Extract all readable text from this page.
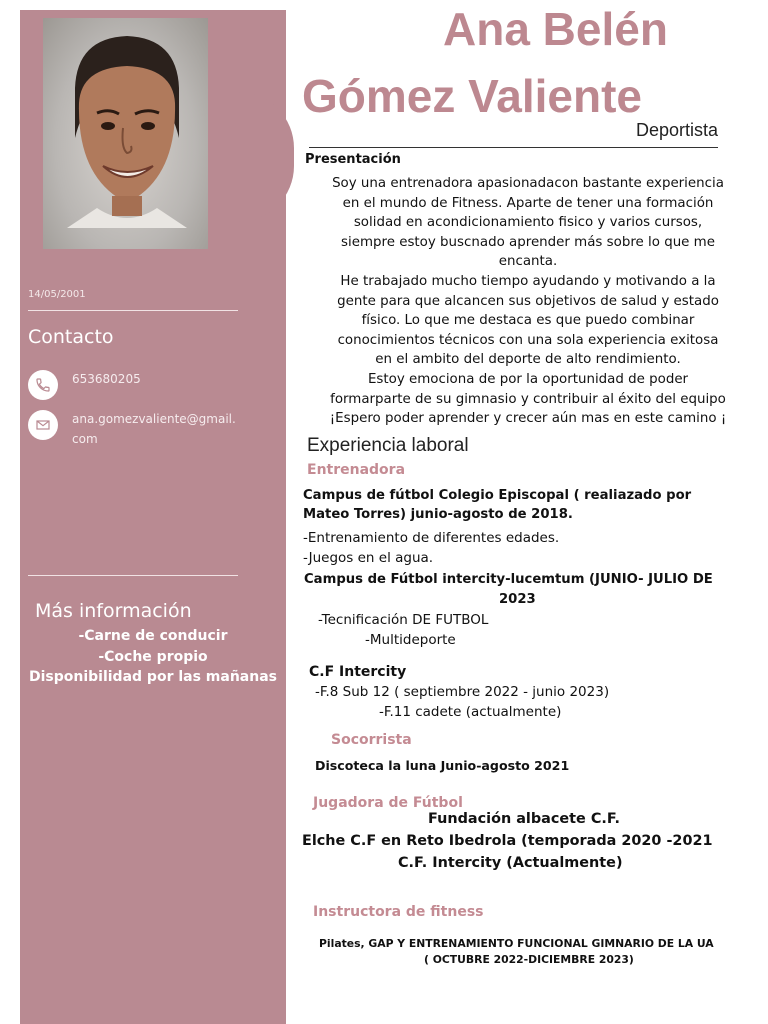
14/05/2001
Contacto
653680205
ana.gomezvaliente@gmail.
com
Más información
-Carne de conducir
-Coche propio
Disponibilidad por las mañanas
Ana Belén
Gómez Valiente
Deportista
Presentación
Soy una entrenadora apasionadacon bastante experiencia
en el mundo de Fitness. Aparte de tener una formación
solidad en acondicionamiento fisico y varios cursos,
siempre estoy buscnado aprender más sobre lo que me
encanta.
He trabajado mucho tiempo ayudando y motivando a la
gente para que alcancen sus objetivos de salud y estado
físico. Lo que me destaca es que puedo combinar
conocimientos técnicos con una sola experiencia exitosa
en el ambito del deporte de alto rendimiento.
Estoy emociona de por la oportunidad de poder
formarparte de su gimnasio y contribuir al éxito del equipo
¡Espero poder aprender y crecer aún mas en este camino ¡
Experiencia laboral
Entrenadora
Campus de fútbol Colegio Episcopal ( realiazado por
Mateo Torres) junio-agosto de 2018.
-Entrenamiento de diferentes edades.
-Juegos en el agua.
Campus de Fútbol intercity-lucemtum (JUNIO- JULIO DE
2023
-Tecnificación DE FUTBOL
-Multideporte
C.F Intercity
-F.8 Sub 12 ( septiembre 2022 - junio 2023)
-F.11 cadete (actualmente)
Socorrista
Discoteca la luna Junio-agosto 2021
Jugadora de Fútbol
Fundación albacete C.F.
Elche C.F en Reto Ibedrola (temporada 2020 -2021
C.F. Intercity (Actualmente)
Instructora de fitness
Pilates, GAP Y ENTRENAMIENTO FUNCIONAL GIMNARIO DE LA UA
( OCTUBRE 2022-DICIEMBRE 2023)
